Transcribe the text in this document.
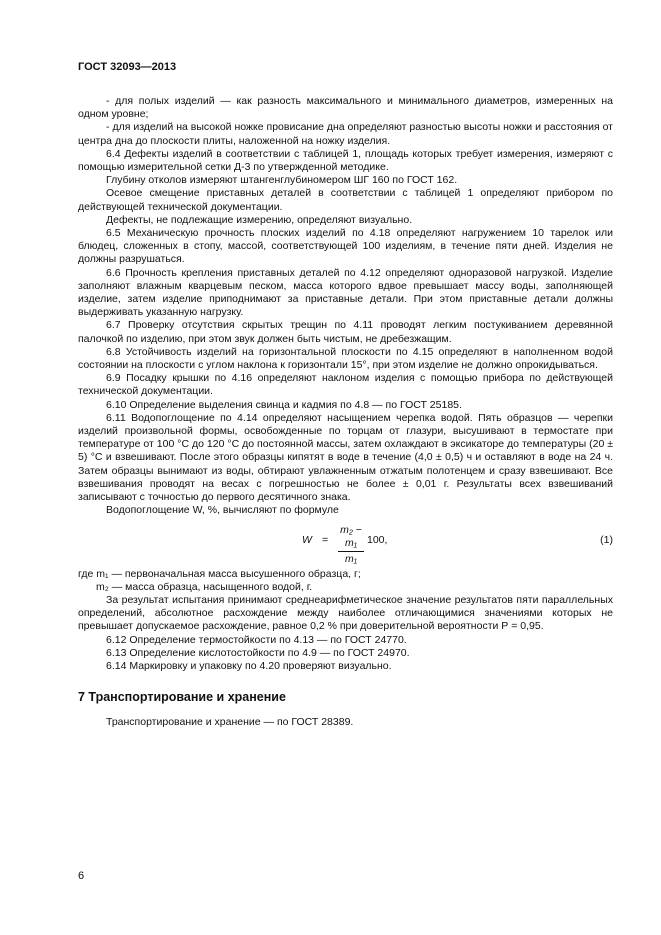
ГОСТ 32093—2013

- для полых изделий — как разность максимального и минимального диаметров, измеренных на одном уровне;

- для изделий на высокой ножке провисание дна определяют разностью высоты ножки и расстояния от центра дна до плоскости плиты, наложенной на ножку изделия.

6.4 Дефекты изделий в соответствии с таблицей 1, площадь которых требует измерения, измеряют с помощью измерительной сетки Д-3 по утвержденной методике.

Глубину отколов измеряют штангенглубиномером ШГ 160 по ГОСТ 162.

Осевое смещение приставных деталей в соответствии с таблицей 1 определяют прибором по действующей технической документации.

Дефекты, не подлежащие измерению, определяют визуально.

6.5 Механическую прочность плоских изделий по 4.18 определяют нагружением 10 тарелок или блюдец, сложенных в стопу, массой, соответствующей 100 изделиям, в течение пяти дней. Изделия не должны разрушаться.

6.6 Прочность крепления приставных деталей по 4.12 определяют одноразовой нагрузкой. Изделие заполняют влажным кварцевым песком, масса которого вдвое превышает массу воды, заполняющей изделие, затем изделие приподнимают за приставные детали. При этом приставные детали должны выдерживать указанную нагрузку.

6.7 Проверку отсутствия скрытых трещин по 4.11 проводят легким постукиванием деревянной палочкой по изделию, при этом звук должен быть чистым, не дребезжащим.

6.8 Устойчивость изделий на горизонтальной плоскости по 4.15 определяют в наполненном водой состоянии на плоскости с углом наклона к горизонтали 15°, при этом изделие не должно опрокидываться.

6.9 Посадку крышки по 4.16 определяют наклоном изделия с помощью прибора по действующей технической документации.

6.10 Определение выделения свинца и кадмия по 4.8 — по ГОСТ 25185.

6.11 Водопоглощение по 4.14 определяют насыщением черепка водой. Пять образцов — черепки изделий произвольной формы, освобожденные по торцам от глазури, высушивают в термостате при температуре от 100 °С до 120 °С до постоянной массы, затем охлаждают в эксикаторе до температуры (20 ± 5) °С и взвешивают. После этого образцы кипятят в воде в течение (4,0 ± 0,5) ч и оставляют в воде на 24 ч. Затем образцы вынимают из воды, обтирают увлажненным отжатым полотенцем и сразу взвешивают. Все взвешивания проводят на весах с погрешностью не более ± 0,01 г. Результаты всех взвешиваний записывают с точностью до первого десятичного знака.

Водопоглощение W, %, вычисляют по формуле

W =
m₂ − m₁
m₁
100,	(1)

где m₁ — первоначальная масса высушенного образца, г;

m₂ — масса образца, насыщенного водой, г.

За результат испытания принимают среднеарифметическое значение результатов пяти параллельных определений, абсолютное расхождение между наиболее отличающимися значениями которых не превышает допускаемое расхождение, равное 0,2 % при доверительной вероятности Р = 0,95.

6.12 Определение термостойкости по 4.13 — по ГОСТ 24770.

6.13 Определение кислотостойкости по 4.9 — по ГОСТ 24970.

6.14 Маркировку и упаковку по 4.20 проверяют визуально.

7 Транспортирование и хранение

Транспортирование и хранение — по ГОСТ 28389.

6
